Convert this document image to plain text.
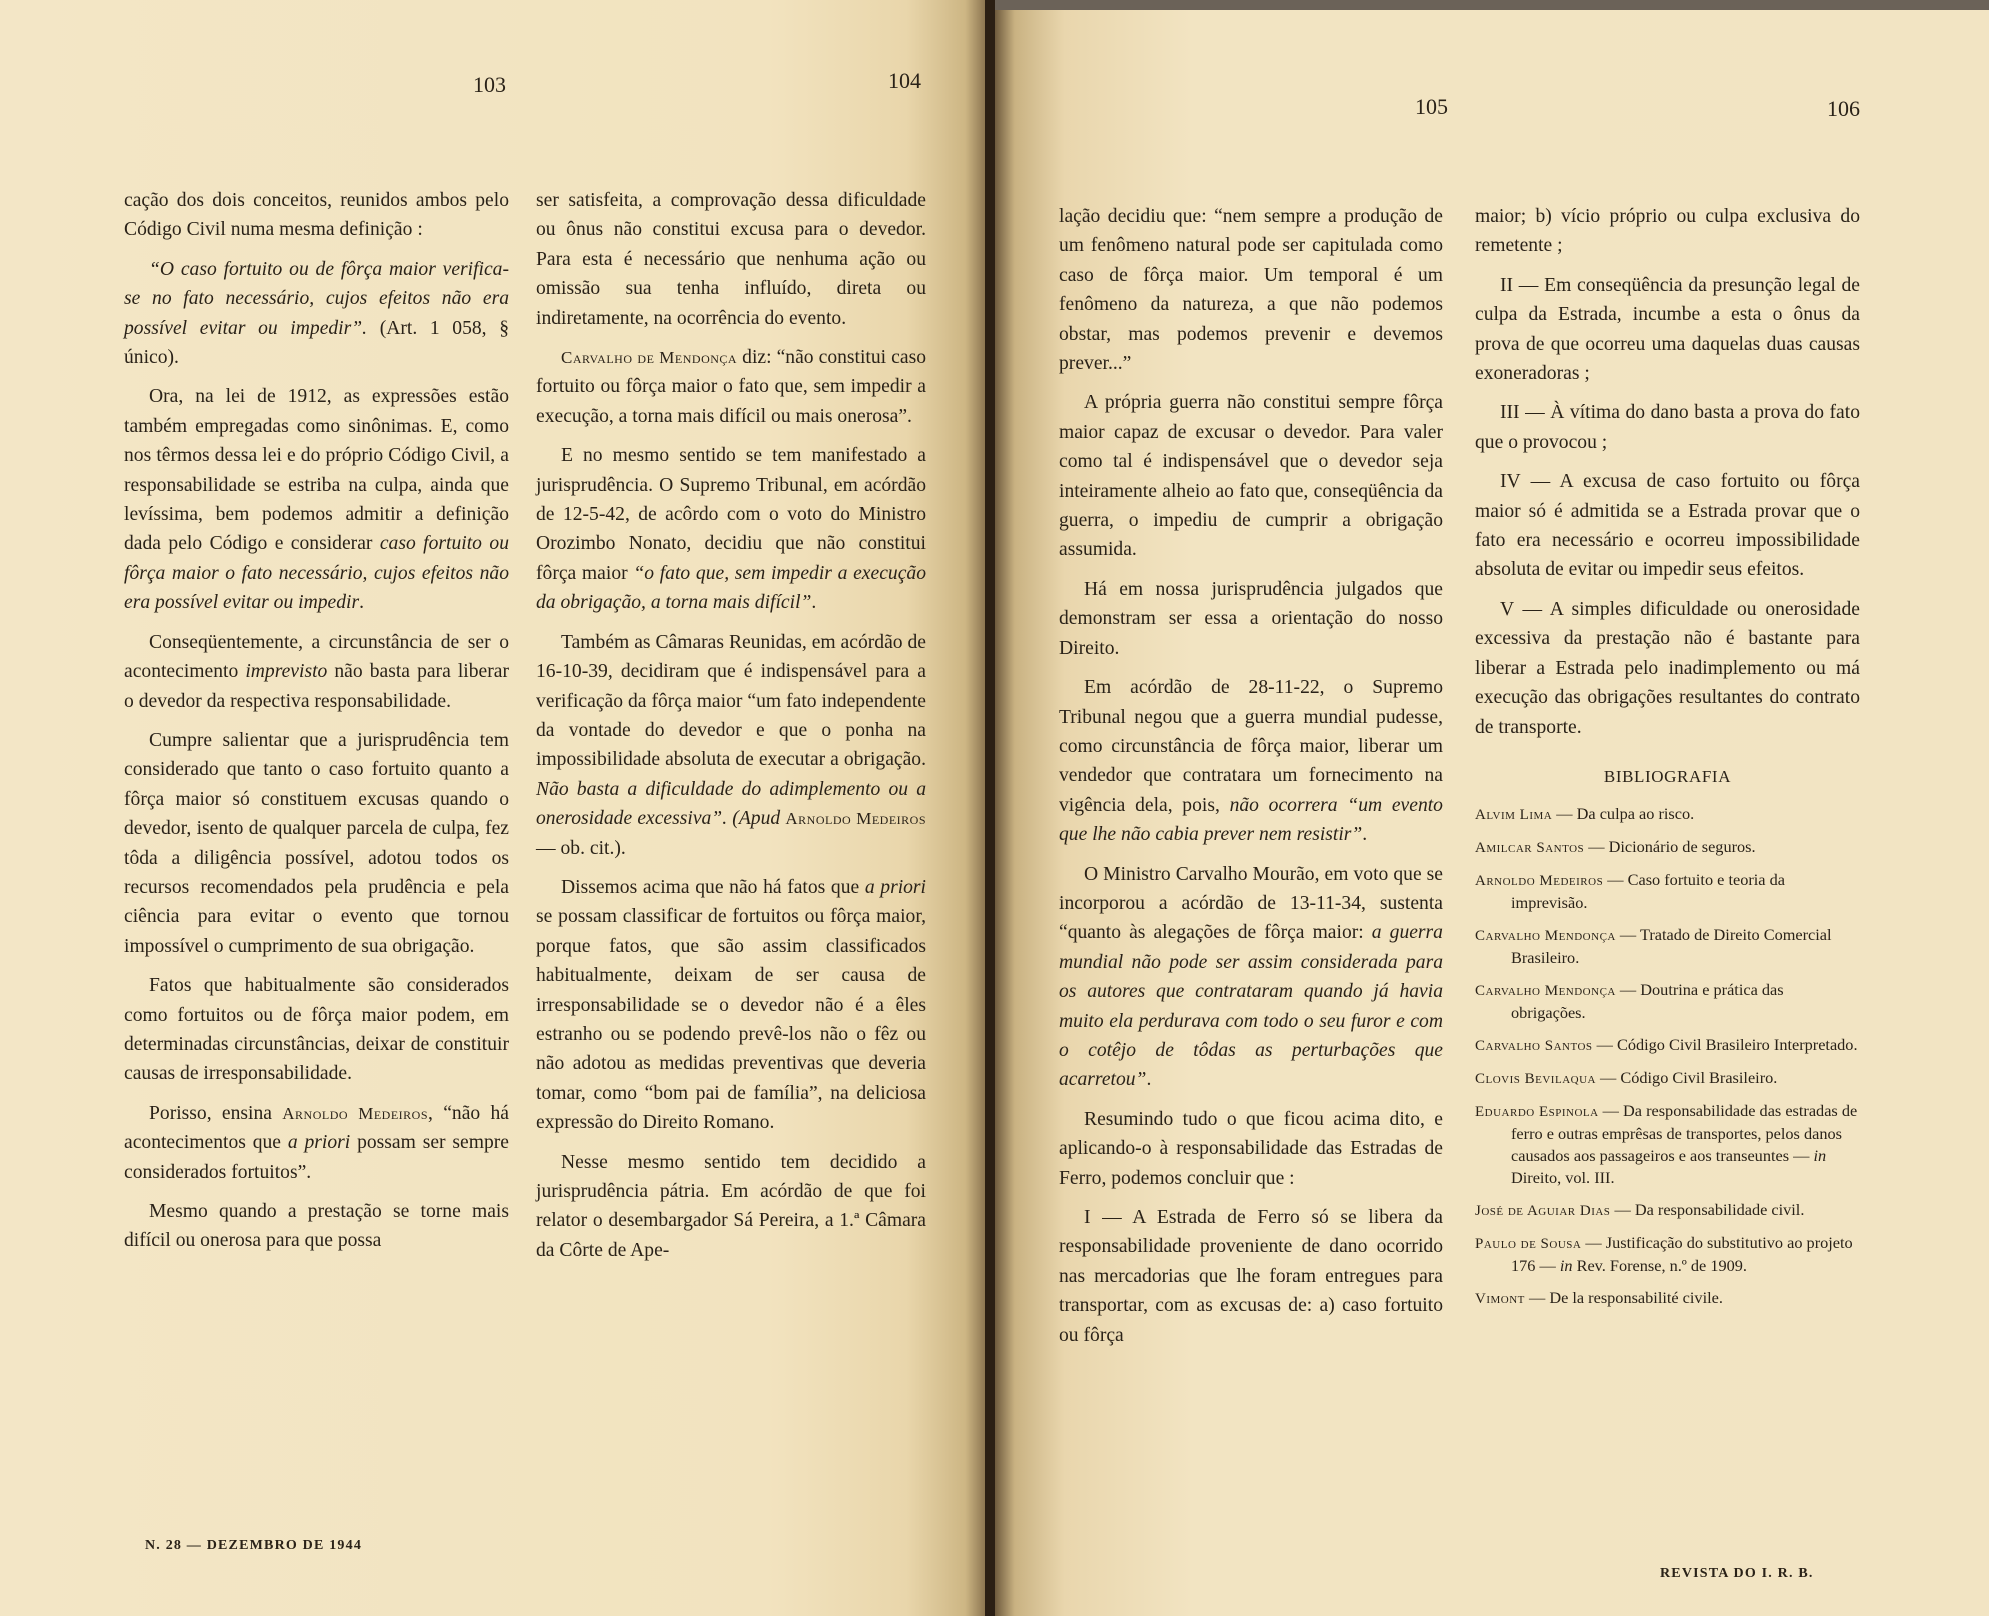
103	104

cação dos dois conceitos, reunidos ambos pelo Código Civil numa mesma definição :

“O caso fortuito ou de fôrça maior verifica-se no fato necessário, cujos efeitos não era possível evitar ou impedir”. (Art. 1 058, § único).

Ora, na lei de 1912, as expressões estão também empregadas como sinônimas. E, como nos têrmos dessa lei e do próprio Código Civil, a responsabilidade se estriba na culpa, ainda que levíssima, bem podemos admitir a definição dada pelo Código e considerar caso fortuito ou fôrça maior o fato necessário, cujos efeitos não era possível evitar ou impedir.

Conseqüentemente, a circunstância de ser o acontecimento imprevisto não basta para liberar o devedor da respectiva responsabilidade.

Cumpre salientar que a jurisprudência tem considerado que tanto o caso fortuito quanto a fôrça maior só constituem excusas quando o devedor, isento de qualquer parcela de culpa, fez tôda a diligência possível, adotou todos os recursos recomendados pela prudência e pela ciência para evitar o evento que tornou impossível o cumprimento de sua obrigação.

Fatos que habitualmente são considerados como fortuitos ou de fôrça maior podem, em determinadas circunstâncias, deixar de constituir causas de irresponsabilidade.

Porisso, ensina Arnoldo Medeiros, “não há acontecimentos que a priori possam ser sempre considerados fortuitos”.

Mesmo quando a prestação se torne mais difícil ou onerosa para que possa

ser satisfeita, a comprovação dessa dificuldade ou ônus não constitui excusa para o devedor. Para esta é necessário que nenhuma ação ou omissão sua tenha influído, direta ou indiretamente, na ocorrência do evento.

Carvalho de Mendonça diz: “não constitui caso fortuito ou fôrça maior o fato que, sem impedir a execução, a torna mais difícil ou mais onerosa”.

E no mesmo sentido se tem manifestado a jurisprudência. O Supremo Tribunal, em acórdão de 12-5-42, de acôrdo com o voto do Ministro Orozimbo Nonato, decidiu que não constitui fôrça maior “o fato que, sem impedir a execução da obrigação, a torna mais difícil”.

Também as Câmaras Reunidas, em acórdão de 16-10-39, decidiram que é indispensável para a verificação da fôrça maior “um fato independente da vontade do devedor e que o ponha na impossibilidade absoluta de executar a obrigação. Não basta a dificuldade do adimplemento ou a onerosidade excessiva”. (Apud Arnoldo Medeiros — ob. cit.).

Dissemos acima que não há fatos que a priori se possam classificar de fortuitos ou fôrça maior, porque fatos, que são assim classificados habitualmente, deixam de ser causa de irresponsabilidade se o devedor não é a êles estranho ou se podendo prevê-los não o fêz ou não adotou as medidas preventivas que deveria tomar, como “bom pai de família”, na deliciosa expressão do Direito Romano.

Nesse mesmo sentido tem decidido a jurisprudência pátria. Em acórdão de que foi relator o desembargador Sá Pereira, a 1.ª Câmara da Côrte de Ape-

N. 28 — DEZEMBRO DE 1944
105	106

lação decidiu que: “nem sempre a produção de um fenômeno natural pode ser capitulada como caso de fôrça maior. Um temporal é um fenômeno da natureza, a que não podemos obstar, mas podemos prevenir e devemos prever...”

A própria guerra não constitui sempre fôrça maior capaz de excusar o devedor. Para valer como tal é indispensável que o devedor seja inteiramente alheio ao fato que, conseqüência da guerra, o impediu de cumprir a obrigação assumida.

Há em nossa jurisprudência julgados que demonstram ser essa a orientação do nosso Direito.

Em acórdão de 28-11-22, o Supremo Tribunal negou que a guerra mundial pudesse, como circunstância de fôrça maior, liberar um vendedor que contratara um fornecimento na vigência dela, pois, não ocorrera “um evento que lhe não cabia prever nem resistir”.

O Ministro Carvalho Mourão, em voto que se incorporou a acórdão de 13-11-34, sustenta “quanto às alegações de fôrça maior: a guerra mundial não pode ser assim considerada para os autores que contrataram quando já havia muito ela perdurava com todo o seu furor e com o cotêjo de tôdas as perturbações que acarretou”.

Resumindo tudo o que ficou acima dito, e aplicando-o à responsabilidade das Estradas de Ferro, podemos concluir que :

I — A Estrada de Ferro só se libera da responsabilidade proveniente de dano ocorrido nas mercadorias que lhe foram entregues para transportar, com as excusas de: a) caso fortuito ou fôrça

maior; b) vício próprio ou culpa exclusiva do remetente ;

II — Em conseqüência da presunção legal de culpa da Estrada, incumbe a esta o ônus da prova de que ocorreu uma daquelas duas causas exoneradoras ;

III — À vítima do dano basta a prova do fato que o provocou ;

IV — A excusa de caso fortuito ou fôrça maior só é admitida se a Estrada provar que o fato era necessário e ocorreu impossibilidade absoluta de evitar ou impedir seus efeitos.

V — A simples dificuldade ou onerosidade excessiva da prestação não é bastante para liberar a Estrada pelo inadimplemento ou má execução das obrigações resultantes do contrato de transporte.

BIBLIOGRAFIA

Alvim Lima — Da culpa ao risco.

Amilcar Santos — Dicionário de seguros.

Arnoldo Medeiros — Caso fortuito e teoria da imprevisão.

Carvalho Mendonça — Tratado de Direito Comercial Brasileiro.

Carvalho Mendonça — Doutrina e prática das obrigações.

Carvalho Santos — Código Civil Brasileiro Interpretado.

Clovis Bevilaqua — Código Civil Brasileiro.

Eduardo Espinola — Da responsabilidade das estradas de ferro e outras emprêsas de transportes, pelos danos causados aos passageiros e aos transeuntes — in Direito, vol. III.

José de Aguiar Dias — Da responsabilidade civil.

Paulo de Sousa — Justificação do substitutivo ao projeto 176 — in Rev. Forense, n.º de 1909.

Vimont — De la responsabilité civile.

REVISTA DO I. R. B.
